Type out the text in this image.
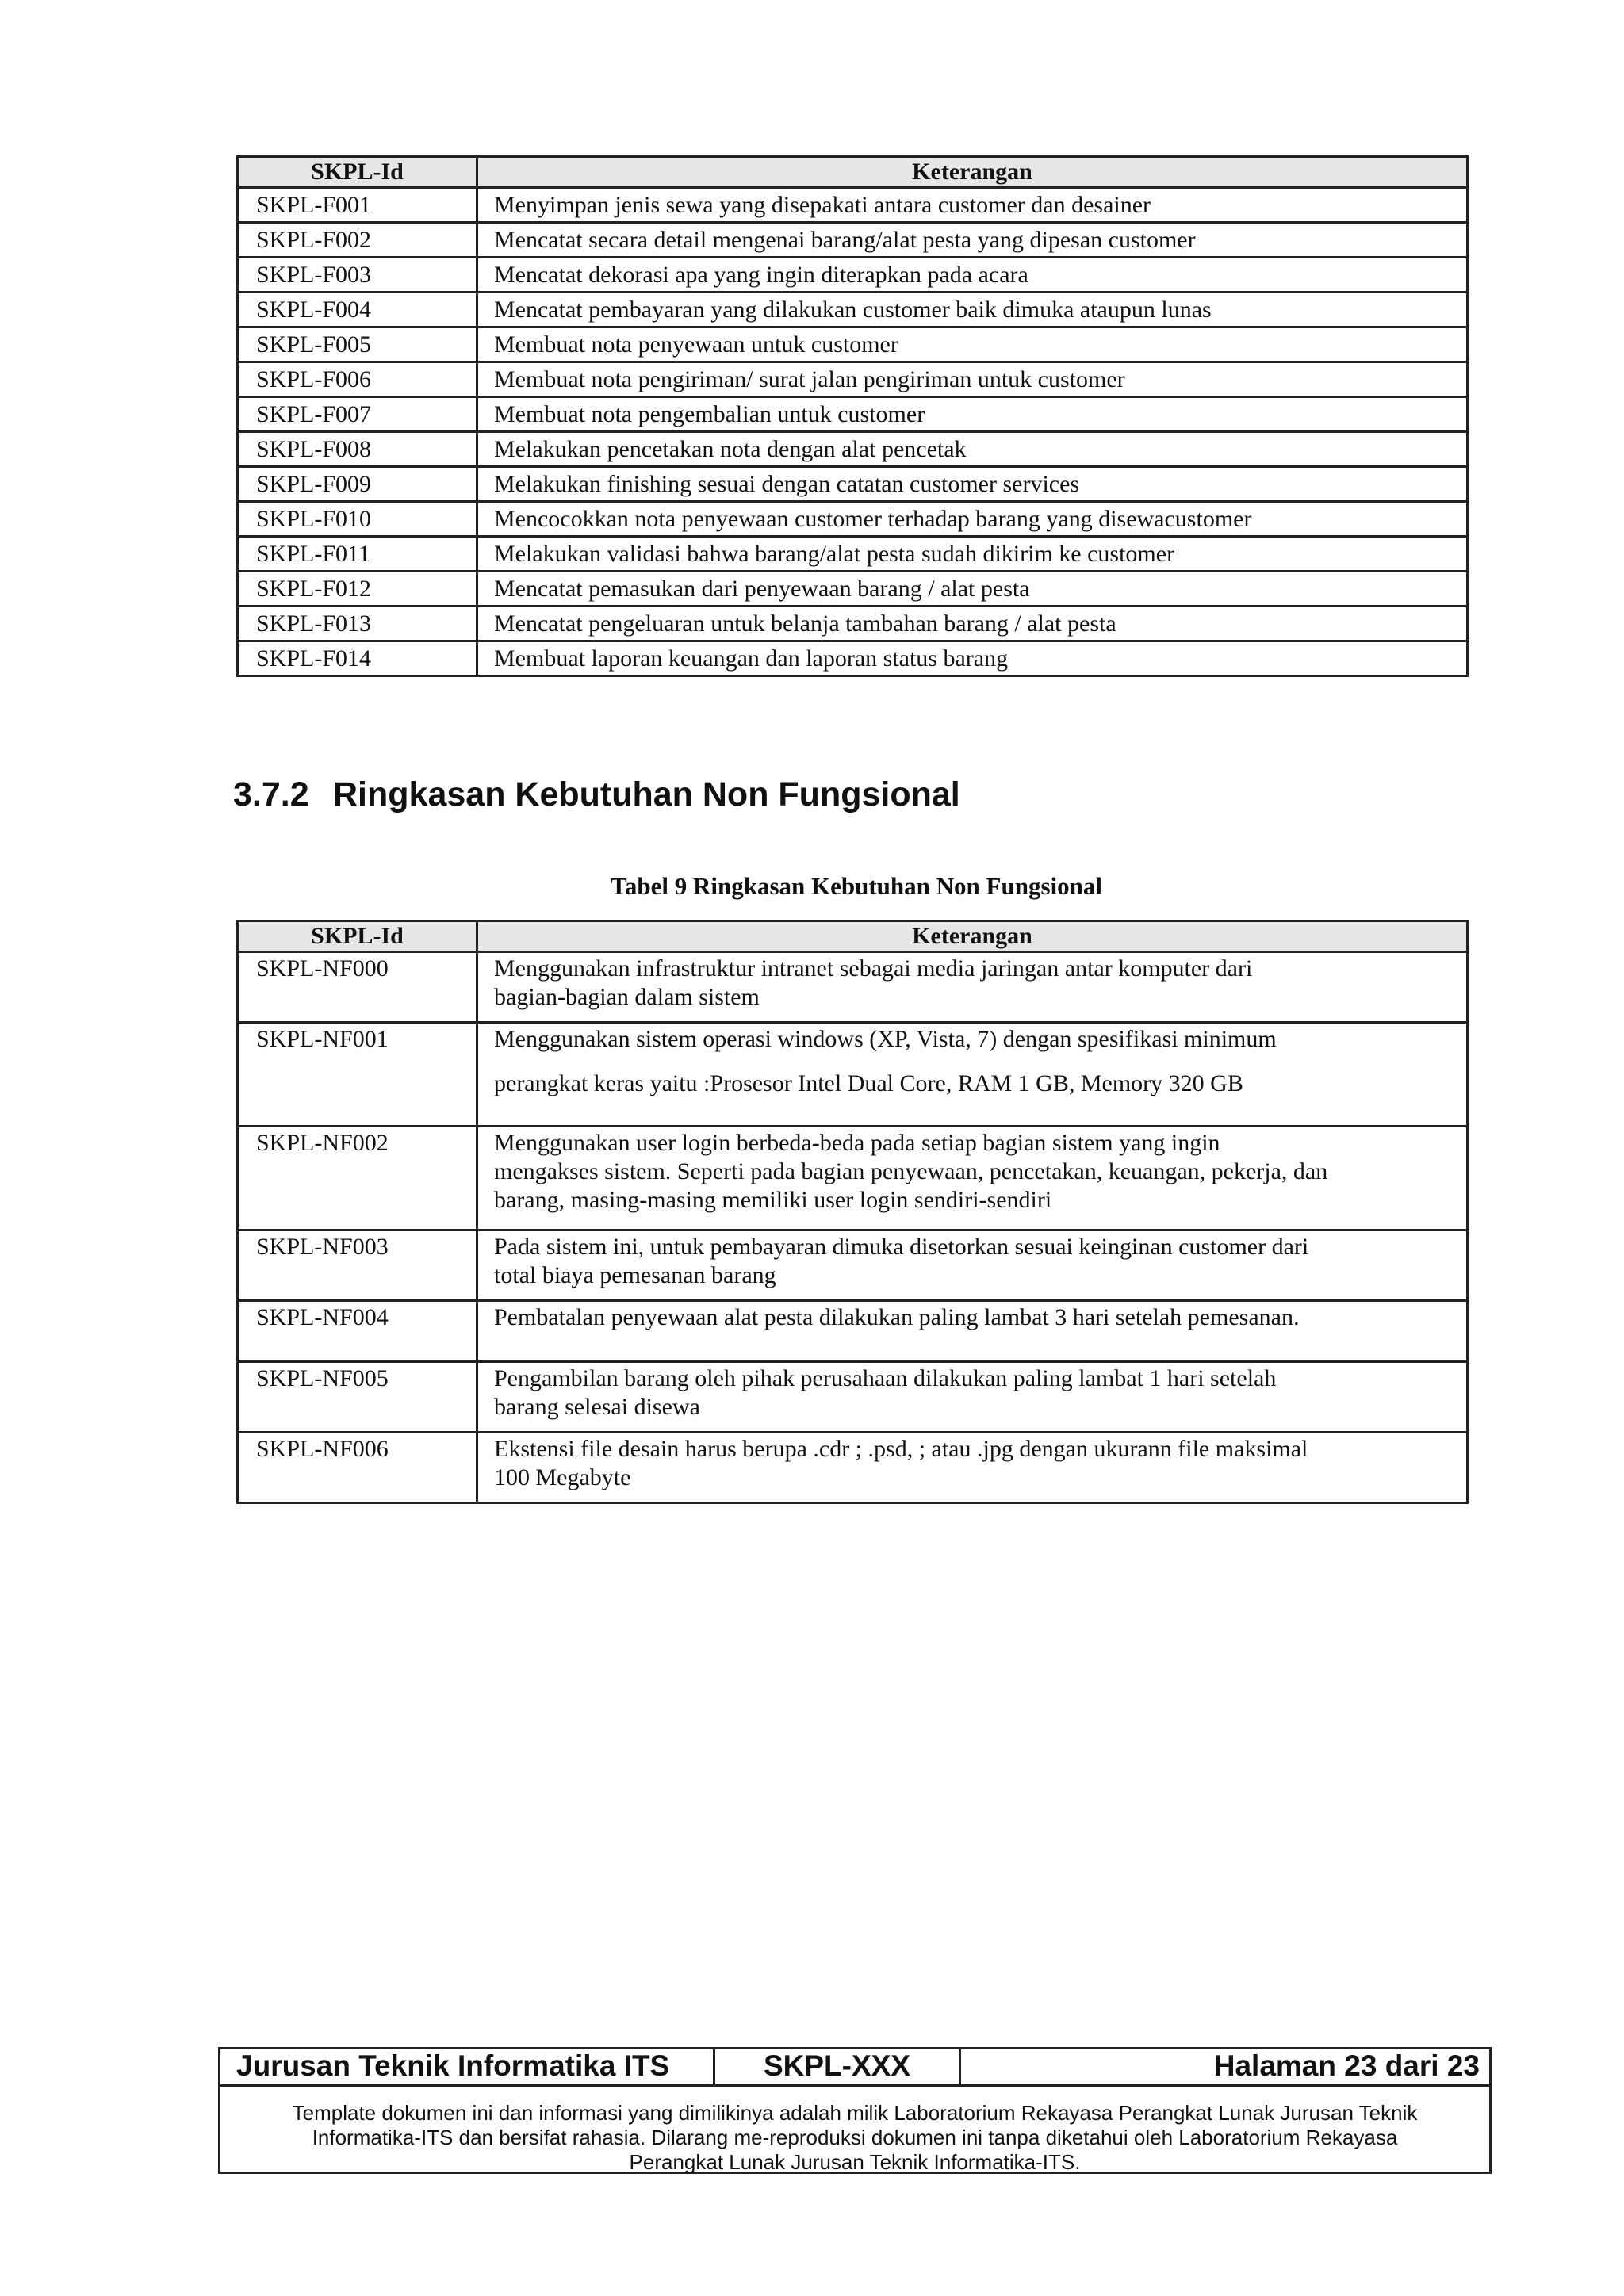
SKPL-Id	Keterangan
SKPL-F001	Menyimpan jenis sewa yang disepakati antara customer dan desainer
SKPL-F002	Mencatat secara detail mengenai barang/alat pesta yang dipesan customer
SKPL-F003	Mencatat dekorasi apa yang ingin diterapkan pada acara
SKPL-F004	Mencatat pembayaran yang dilakukan customer baik dimuka ataupun lunas
SKPL-F005	Membuat nota penyewaan untuk customer
SKPL-F006	Membuat nota pengiriman/ surat jalan pengiriman untuk customer
SKPL-F007	Membuat nota pengembalian untuk customer
SKPL-F008	Melakukan pencetakan nota dengan alat pencetak
SKPL-F009	Melakukan finishing sesuai dengan catatan customer services
SKPL-F010	Mencocokkan nota penyewaan customer terhadap barang yang disewacustomer
SKPL-F011	Melakukan validasi bahwa barang/alat pesta sudah dikirim ke customer
SKPL-F012	Mencatat pemasukan dari penyewaan barang / alat pesta
SKPL-F013	Mencatat pengeluaran untuk belanja tambahan barang / alat pesta
SKPL-F014	Membuat laporan keuangan dan laporan status barang
3.7.2 Ringkasan Kebutuhan Non Fungsional

Tabel 9 Ringkasan Kebutuhan Non Fungsional

SKPL-Id	Keterangan
SKPL-NF000	Menggunakan infrastruktur intranet sebagai media jaringan antar komputer dari
bagian-bagian dalam sistem

SKPL-NF001	Menggunakan sistem operasi windows (XP, Vista, 7) dengan spesifikasi minimum
perangkat keras yaitu :Prosesor Intel Dual Core, RAM 1 GB, Memory 320 GB

SKPL-NF002	Menggunakan user login berbeda-beda pada setiap bagian sistem yang ingin
mengakses sistem. Seperti pada bagian penyewaan, pencetakan, keuangan, pekerja, dan
barang, masing-masing memiliki user login sendiri-sendiri

SKPL-NF003	Pada sistem ini, untuk pembayaran dimuka disetorkan sesuai keinginan customer dari
total biaya pemesanan barang

SKPL-NF004	Pembatalan penyewaan alat pesta dilakukan paling lambat 3 hari setelah pemesanan.

SKPL-NF005	Pengambilan barang oleh pihak perusahaan dilakukan paling lambat 1 hari setelah
barang selesai disewa

SKPL-NF006	Ekstensi file desain harus berupa .cdr ; .psd, ; atau .jpg dengan ukurann file maksimal
100 Megabyte
Jurusan Teknik Informatika ITS	SKPL-XXX	Halaman 23 dari 23
Template dokumen ini dan informasi yang dimilikinya adalah milik Laboratorium Rekayasa Perangkat Lunak Jurusan Teknik
Informatika-ITS dan bersifat rahasia. Dilarang me-reproduksi dokumen ini tanpa diketahui oleh Laboratorium Rekayasa
Perangkat Lunak Jurusan Teknik Informatika-ITS.
